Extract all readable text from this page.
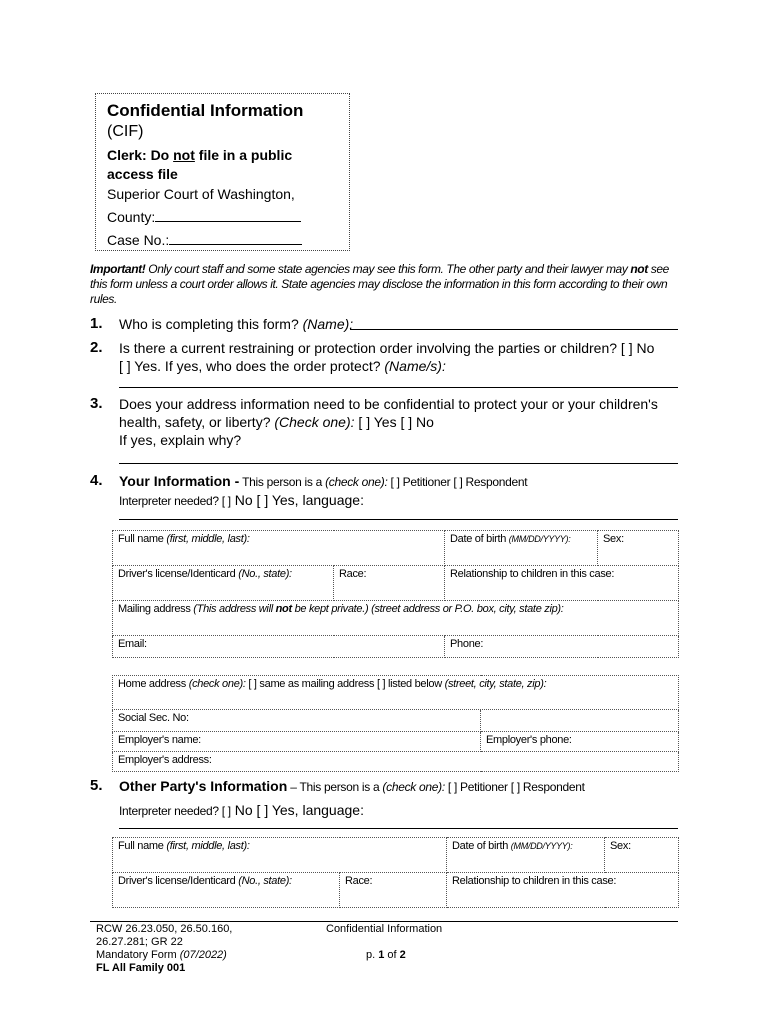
Confidential Information
(CIF)
Clerk: Do not file in a public access file
Superior Court of Washington,
County:
Case No.:
Important! Only court staff and some state agencies may see this form. The other party and their lawyer may not see this form unless a court order allows it. State agencies may disclose the information in this form according to their own rules.
1. Who is completing this form? (Name):
2. Is there a current restraining or protection order involving the parties or children? [ ] No
[ ] Yes. If yes, who does the order protect? (Name/s):
3. Does your address information need to be confidential to protect your or your children's
health, safety, or liberty? (Check one): [ ] Yes [ ] No
If yes, explain why?
4. Your Information - This person is a (check one): [ ] Petitioner [ ] Respondent
Interpreter needed? [ ] No [ ] Yes, language:
Full name (first, middle, last):		Date of birth (MM/DD/YYYY):	Sex:
Driver's license/Identicard (No., state):	Race:	Relationship to children in this case:	
Mailing address (This address will not be kept private.) (street address or P.O. box, city, state zip):			
Email:		Phone:	
Home address (check one): [ ] same as mailing address [ ] listed below (street, city, state, zip):	
Social Sec. No:	
Employer's name:	Employer's phone:
Employer's address:	
5. Other Party's Information – This person is a (check one): [ ] Petitioner [ ] Respondent
Interpreter needed? [ ] No [ ] Yes, language:
Full name (first, middle, last):		Date of birth (MM/DD/YYYY):	Sex:
Driver's license/Identicard (No., state):	Race:	Relationship to children in this case:	
RCW 26.23.050, 26.50.160,
26.27.281; GR 22
Mandatory Form (07/2022)
FL All Family 001
Confidential Information
p. 1 of 2
